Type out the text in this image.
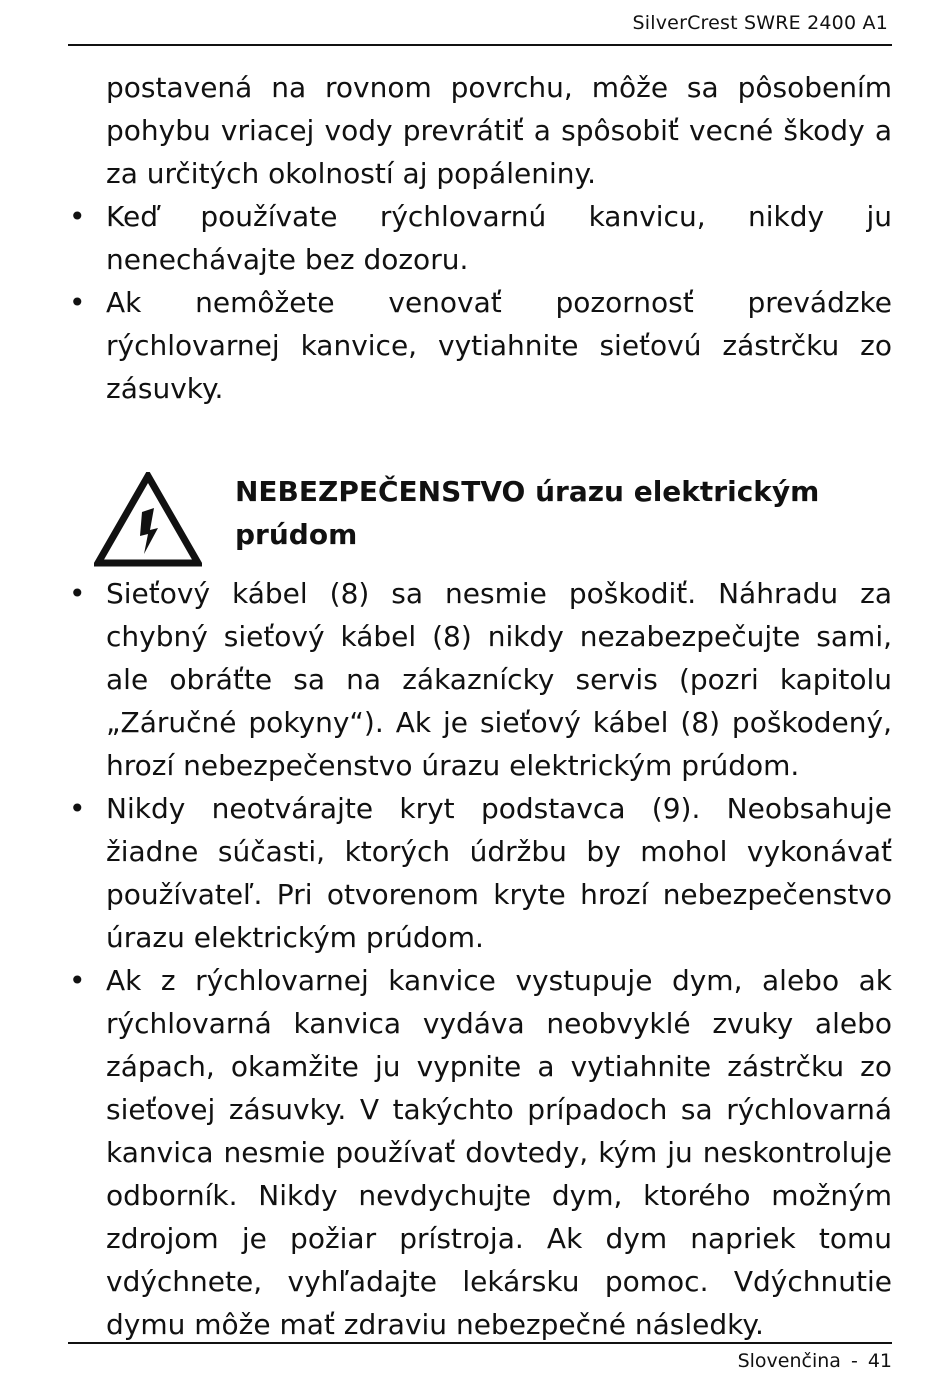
SilverCrest SWRE 2400 A1
postavená na rovnom povrchu, môže sa pôsobením pohybu vriacej vody prevrátiť a spôsobiť vecné škody a za určitých okolností aj popáleniny.
• Keď používate rýchlovarnú kanvicu, nikdy ju nenechávajte bez dozoru.
• Ak nemôžete venovať pozornosť prevádzke rýchlovarnej kanvice, vytiahnite sieťovú zástrčku zo zásuvky.
NEBEZPEČENSTVO úrazu elektrickým prúdom
• Sieťový kábel (8) sa nesmie poškodiť. Náhradu za chybný sieťový kábel (8) nikdy nezabezpečujte sami, ale obráťte sa na zákaznícky servis (pozri kapitolu „Záručné pokyny“). Ak je sieťový kábel (8) poškodený, hrozí nebezpečenstvo úrazu elektrickým prúdom.
• Nikdy neotvárajte kryt podstavca (9). Neobsahuje žiadne súčasti, ktorých údržbu by mohol vykonávať používateľ. Pri otvorenom kryte hrozí nebezpečenstvo úrazu elektrickým prúdom.
• Ak z rýchlovarnej kanvice vystupuje dym, alebo ak rýchlovarná kanvica vydáva neobvyklé zvuky alebo zápach, okamžite ju vypnite a vytiahnite zástrčku zo sieťovej zásuvky. V takýchto prípadoch sa rýchlovarná kanvica nesmie používať dovtedy, kým ju neskontroluje odborník. Nikdy nevdychujte dym, ktorého možným zdrojom je požiar prístroja. Ak dym napriek tomu vdýchnete, vyhľadajte lekársku pomoc. Vdýchnutie dymu môže mať zdraviu nebezpečné následky.
Slovenčina - 41
